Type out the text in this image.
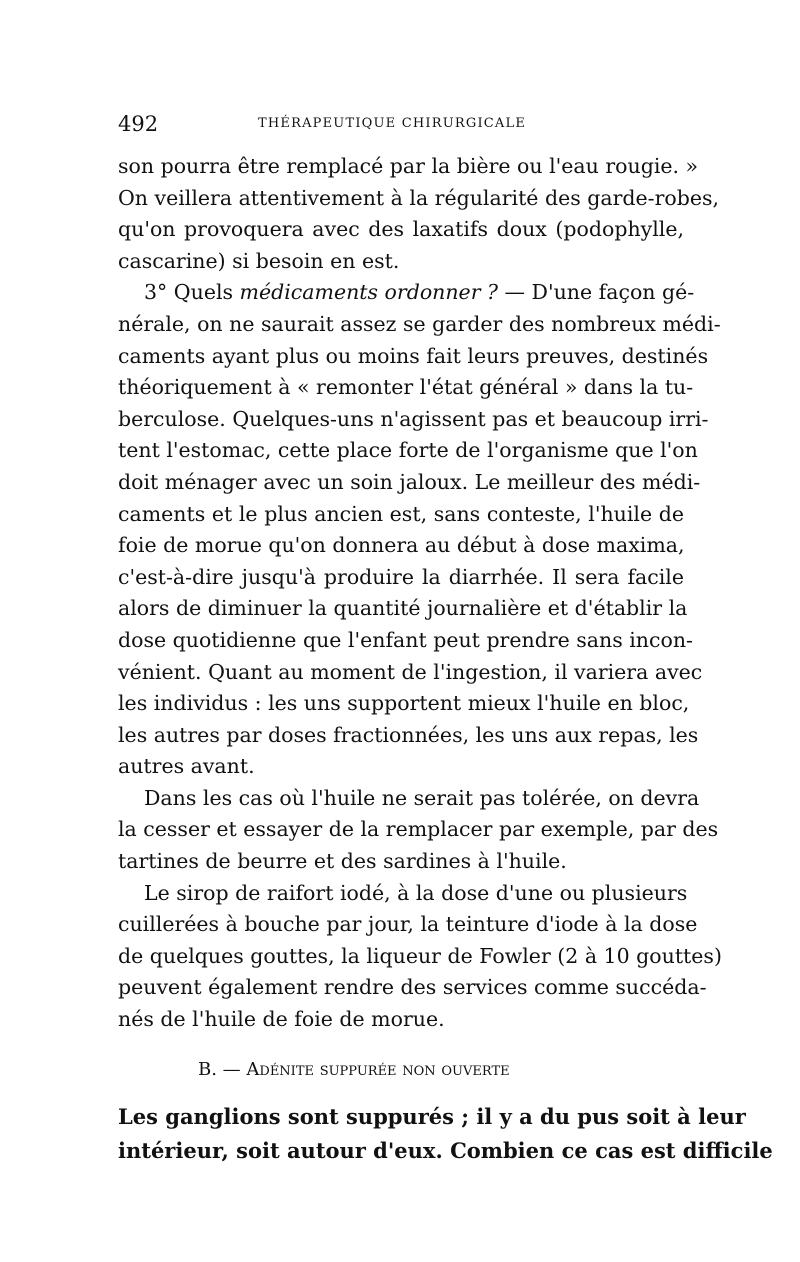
492	THÉRAPEUTIQUE CHIRURGICALE
son pourra être remplacé par la bière ou l'eau rougie. »
On veillera attentivement à la régularité des garde-robes,
qu'on provoquera avec des laxatifs doux (podophylle,
cascarine) si besoin en est.
3° Quels médicaments ordonner ? — D'une façon gé-
nérale, on ne saurait assez se garder des nombreux médi-
caments ayant plus ou moins fait leurs preuves, destinés
théoriquement à « remonter l'état général » dans la tu-
berculose. Quelques-uns n'agissent pas et beaucoup irri-
tent l'estomac, cette place forte de l'organisme que l'on
doit ménager avec un soin jaloux. Le meilleur des médi-
caments et le plus ancien est, sans conteste, l'huile de
foie de morue qu'on donnera au début à dose maxima,
c'est-à-dire jusqu'à produire la diarrhée. Il sera facile
alors de diminuer la quantité journalière et d'établir la
dose quotidienne que l'enfant peut prendre sans incon-
vénient. Quant au moment de l'ingestion, il variera avec
les individus : les uns supportent mieux l'huile en bloc,
les autres par doses fractionnées, les uns aux repas, les
autres avant.
Dans les cas où l'huile ne serait pas tolérée, on devra
la cesser et essayer de la remplacer par exemple, par des
tartines de beurre et des sardines à l'huile.
Le sirop de raifort iodé, à la dose d'une ou plusieurs
cuillerées à bouche par jour, la teinture d'iode à la dose
de quelques gouttes, la liqueur de Fowler (2 à 10 gouttes)
peuvent également rendre des services comme succéda-
nés de l'huile de foie de morue.
B. — Adénite suppurée non ouverte
Les ganglions sont suppurés ; il y a du pus soit à leur
intérieur, soit autour d'eux. Combien ce cas est difficile
